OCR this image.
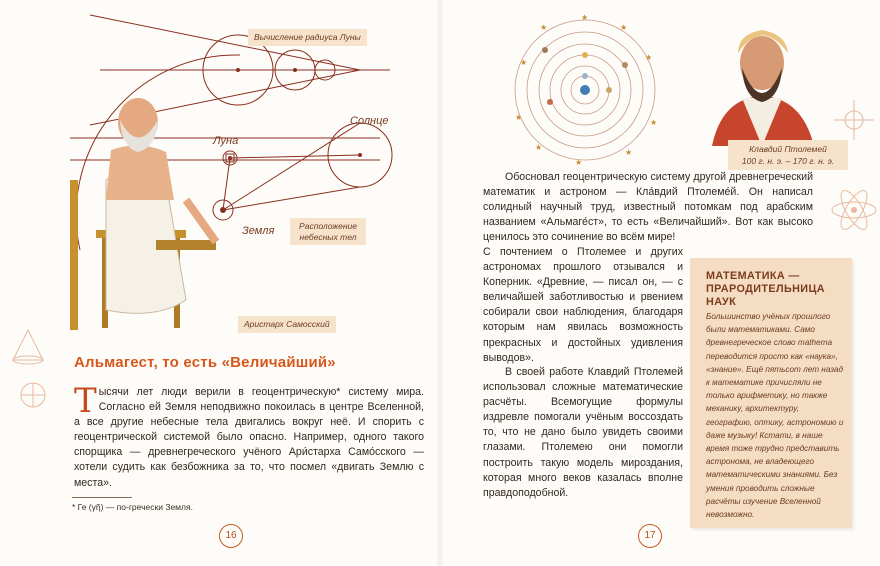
Вычисление радиуса Луны
Солнце
Луна
Земля	Расположение небесных тел
Аристарх Самосский
Альмагест, то есть «Величайший»
Тысячи лет люди верили в геоцентрическую* систему мира. Согласно ей Земля неподвижно покоилась в центре Вселенной, а все другие небесные тела двигались вокруг неё. И спорить с геоцентрической системой было опасно. Например, одного такого спорщика — древнегреческого учёного Ари́старха Само́сского — хотели судить как безбожника за то, что посмел «двигать Землю с места».
* Ге (γῆ) — по-гречески Земля.
16
★
★
★
★
★
★
★	★
★
★	Клавдий Птолемей
100 г. н. э. – 170 г. н. э.
Обосновал геоцентрическую систему другой древнегреческий математик и астроном — Кла́вдий Птолеме́й. Он написал солидный научный труд, известный потомкам под арабским названием «Альмаге́ст», то есть «Величайший». Вот как высоко ценилось это сочинение во всём мире!
С почтением о Птолемее и других астрономах прошлого отзывался и Коперник. «Древние, — писал он, — с величайшей заботливостью и рвением собирали свои наблюдения, благодаря которым нам явилась возможность прекрасных и достойных удивления выводов».
В своей работе Клавдий Птолемей использовал сложные математические расчёты. Всемогущие формулы издревле помогали учёным воссоздать то, что не дано было увидеть своими глазами. Птолемею они помогли построить такую модель мироздания, которая много веков казалась вполне правдоподобной.
МАТЕМАТИКА — ПРАРОДИТЕЛЬНИЦА НАУК
Большинство учёных прошлого были математиками. Само древнегреческое слово mathema переводится просто как «наука», «знание». Ещё пятьсот лет назад к математике причисляли не только арифметику, но также механику, архитектуру, географию, оптику, астрономию и даже музыку! Кстати, в наше время тоже трудно представить астронома, не владеющего математическими знаниями. Без умения проводить сложные расчёты изучение Вселенной невозможно.
17
